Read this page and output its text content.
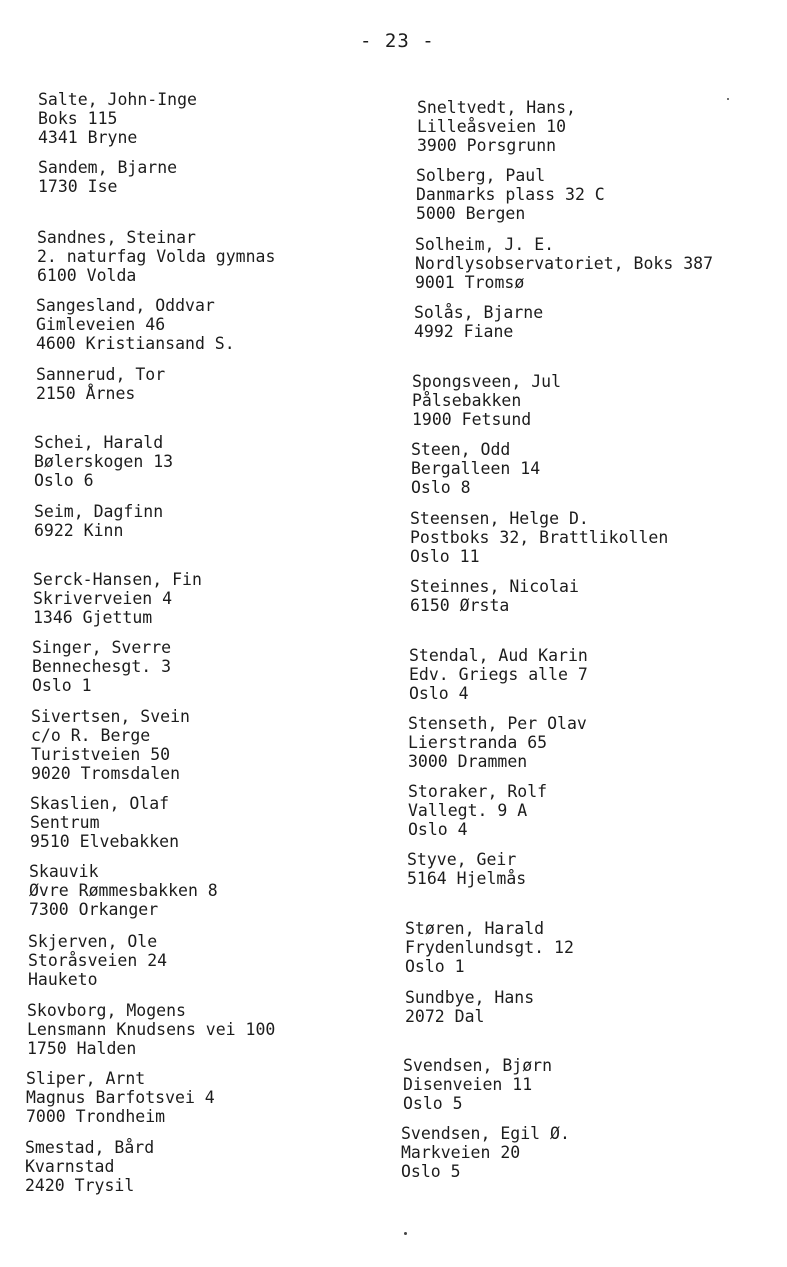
- 23 -
Salte, John-Inge
Boks 115
4341 Bryne
Sandem, Bjarne
1730 Ise
Sandnes, Steinar
2. naturfag Volda gymnas
6100 Volda
Sangesland, Oddvar
Gimleveien 46
4600 Kristiansand S.
Sannerud, Tor
2150 Årnes
Schei, Harald
Bølerskogen 13
Oslo 6
Seim, Dagfinn
6922 Kinn
Serck-Hansen, Fin
Skriverveien 4
1346 Gjettum
Singer, Sverre
Bennechesgt. 3
Oslo 1
Sivertsen, Svein
c/o R. Berge
Turistveien 50
9020 Tromsdalen
Skaslien, Olaf
Sentrum
9510 Elvebakken
Skauvik
Øvre Rømmesbakken 8
7300 Orkanger
Skjerven, Ole
Storåsveien 24
Hauketo
Skovborg, Mogens
Lensmann Knudsens vei 100
1750 Halden
Sliper, Arnt
Magnus Barfotsvei 4
7000 Trondheim
Smestad, Bård
Kvarnstad
2420 Trysil
Sneltvedt, Hans,
Lilleåsveien 10
3900 Porsgrunn
Solberg, Paul
Danmarks plass 32 C
5000 Bergen
Solheim, J. E.
Nordlysobservatoriet, Boks 387
9001 Tromsø
Solås, Bjarne
4992 Fiane
Spongsveen, Jul
Pålsebakken
1900 Fetsund
Steen, Odd
Bergalleen 14
Oslo 8
Steensen, Helge D.
Postboks 32, Brattlikollen
Oslo 11
Steinnes, Nicolai
6150 Ørsta
Stendal, Aud Karin
Edv. Griegs alle 7
Oslo 4
Stenseth, Per Olav
Lierstranda 65
3000 Drammen
Storaker, Rolf
Vallegt. 9 A
Oslo 4
Styve, Geir
5164 Hjelmås
Støren, Harald
Frydenlundsgt. 12
Oslo 1
Sundbye, Hans
2072 Dal
Svendsen, Bjørn
Disenveien 11
Oslo 5
Svendsen, Egil Ø.
Markveien 20
Oslo 5
